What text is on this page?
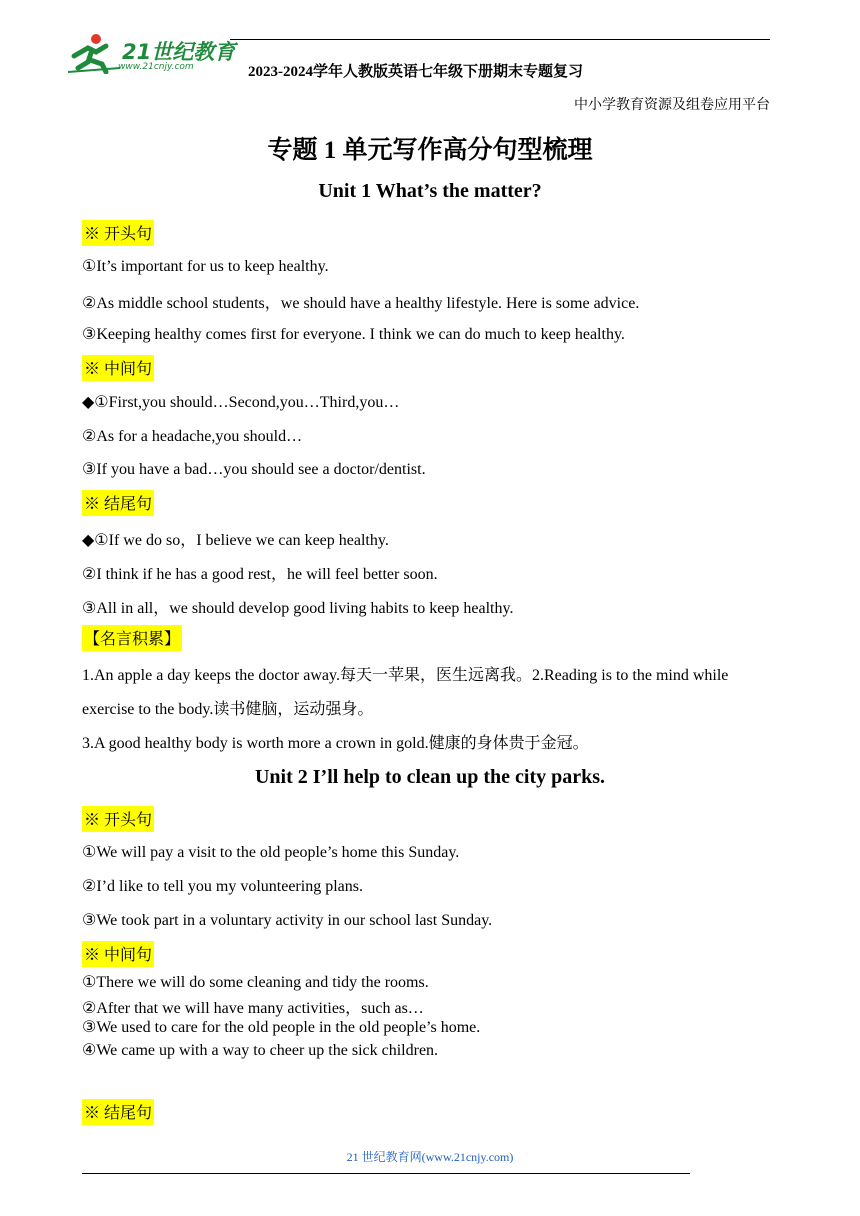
21世纪教育
www.21cnjy.com	2023-2024学年人教版英语七年级下册期末专题复习
中小学教育资源及组卷应用平台
专题 1 单元写作高分句型梳理
Unit 1 What’s the matter?
※ 开头句
①It’s important for us to keep healthy.
②As middle school students，we should have a healthy lifestyle. Here is some advice.
③Keeping healthy comes first for everyone. I think we can do much to keep healthy.
※ 中间句
◆①First,you should…Second,you…Third,you…
②As for a headache,you should…
③If you have a bad…you should see a doctor/dentist.
※ 结尾句
◆①If we do so，I believe we can keep healthy.
②I think if he has a good rest，he will feel better soon.
③All in all，we should develop good living habits to keep healthy.
【名言积累】
1.An apple a day keeps the doctor away.每天一苹果，医生远离我。2.Reading is to the mind while
exercise to the body.读书健脑，运动强身。
3.A good healthy body is worth more a crown in gold.健康的身体贵于金冠。
Unit 2 I’ll help to clean up the city parks.
※ 开头句
①We will pay a visit to the old people’s home this Sunday.
②I’d like to tell you my volunteering plans.
③We took part in a voluntary activity in our school last Sunday.
※ 中间句
①There we will do some cleaning and tidy the rooms.
②After that we will have many activities，such as…
③We used to care for the old people in the old people’s home.
④We came up with a way to cheer up the sick children.
※ 结尾句
21 世纪教育网(www.21cnjy.com)
